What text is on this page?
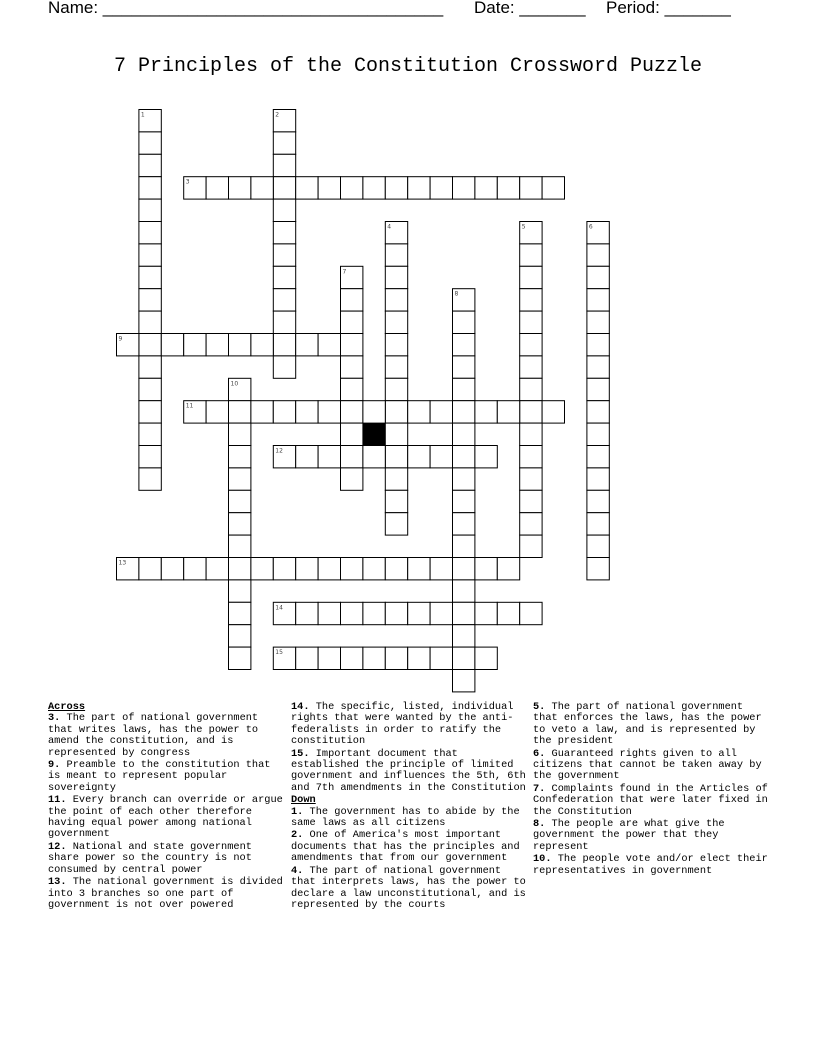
Name: ____________________________________ Date: _______ Period: _______
7 Principles of the Constitution Crossword Puzzle
1	2
3
4	5	6
7
8
9
10
11
12
13
14
15
Across
3. The part of national government that writes laws, has the power to amend the constitution, and is represented by congress
9. Preamble to the constitution that is meant to represent popular sovereignty
11. Every branch can override or argue the point of each other therefore having equal power among national government
12. National and state government share power so the country is not consumed by central power
13. The national government is divided into 3 branches so one part of government is not over powered
14. The specific, listed, individual rights that were wanted by the anti-federalists in order to ratify the constitution
15. Important document that established the principle of limited government and influences the 5th, 6th and 7th amendments in the Constitution
Down
1. The government has to abide by the same laws as all citizens
2. One of America's most important documents that has the principles and amendments that from our government
4. The part of national government that interprets laws, has the power to declare a law unconstitutional, and is represented by the courts
5. The part of national government that enforces the laws, has the power to veto a law, and is represented by the president
6. Guaranteed rights given to all citizens that cannot be taken away by the government
7. Complaints found in the Articles of Confederation that were later fixed in the Constitution
8. The people are what give the government the power that they represent
10. The people vote and/or elect their representatives in government
